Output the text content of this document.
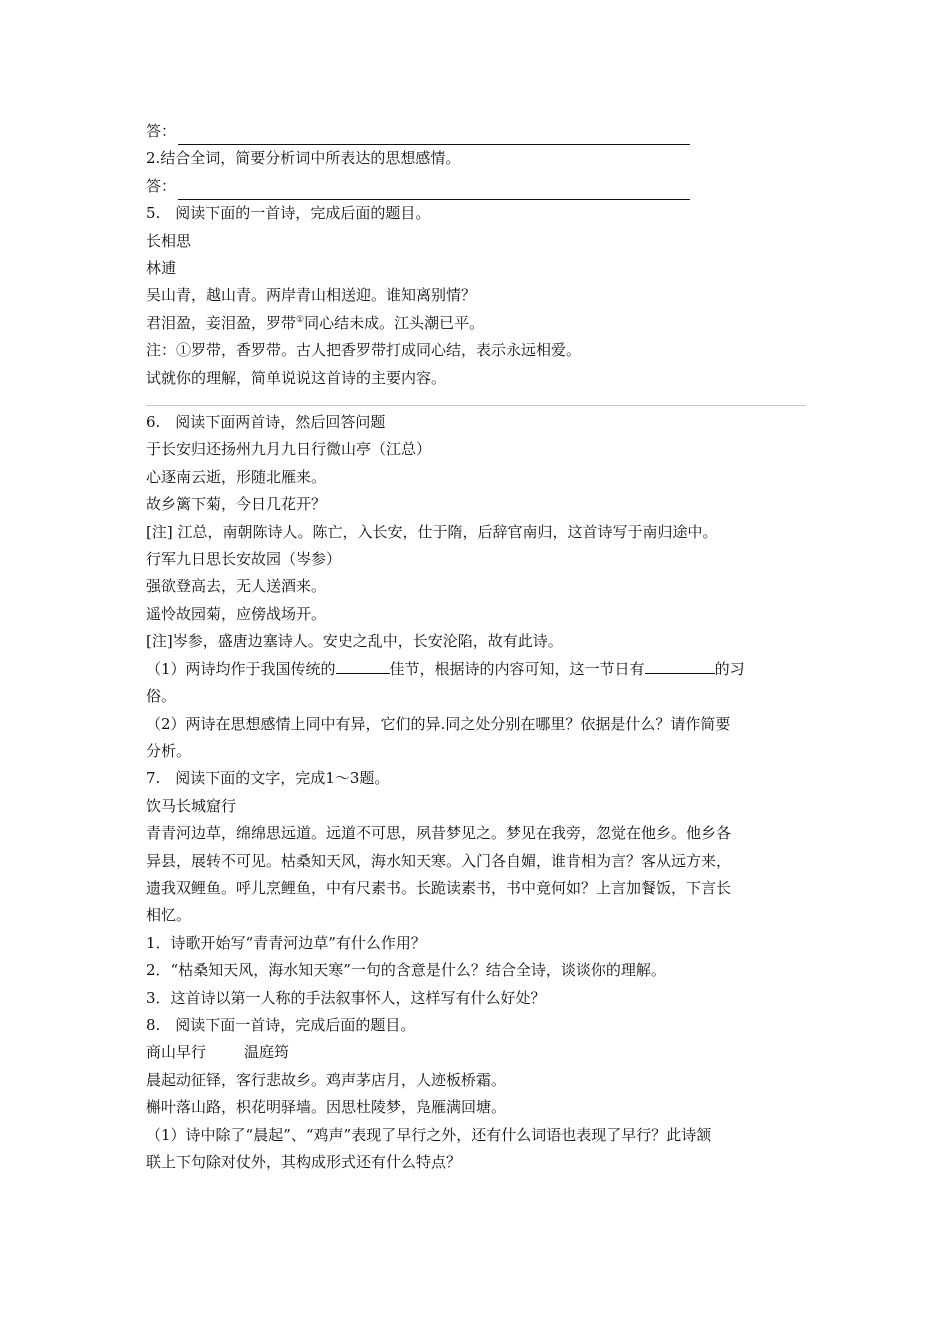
答：
2.结合全词，简要分析词中所表达的思想感情。
答：
5.　阅读下面的一首诗，完成后面的题目。
长相思
林逋
吴山青，越山青。两岸青山相送迎。谁知离别情？
君泪盈，妾泪盈，罗带①同心结未成。江头潮已平。
注：①罗带，香罗带。古人把香罗带打成同心结，表示永远相爱。
试就你的理解，简单说说这首诗的主要内容。
6.　阅读下面两首诗，然后回答问题
于长安归还扬州九月九日行微山亭（江总）
心逐南云逝，形随北雁来。
故乡篱下菊，今日几花开？
[注] 江总，南朝陈诗人。陈亡，入长安，仕于隋，后辞官南归，这首诗写于南归途中。
行军九日思长安故园（岑参）
强欲登高去，无人送酒来。
遥怜故园菊，应傍战场开。
[注]岑参，盛唐边塞诗人。安史之乱中，长安沦陷，故有此诗。
（1）两诗均作于我国传统的	佳节，根据诗的内容可知，这一节日有	的习
俗。
（2）两诗在思想感情上同中有异，它们的异.同之处分别在哪里？依据是什么？请作简要
分析。
7.　阅读下面的文字，完成1～3题。
饮马长城窟行
青青河边草，绵绵思远道。远道不可思，夙昔梦见之。梦见在我旁，忽觉在他乡。他乡各
异县，展转不可见。枯桑知天风，海水知天寒。入门各自媚，谁肯相为言？客从远方来，
遗我双鲤鱼。呼儿烹鲤鱼，中有尺素书。长跪读素书，书中竟何如？上言加餐饭，下言长
相忆。
1．诗歌开始写“青青河边草”有什么作用？
2．“枯桑知天风，海水知天寒”一句的含意是什么？结合全诗，谈谈你的理解。
3．这首诗以第一人称的手法叙事怀人，这样写有什么好处？
8.　阅读下面一首诗，完成后面的题目。
商山早行	温庭筠
晨起动征铎，客行悲故乡。鸡声茅店月，人迹板桥霜。
槲叶落山路，枳花明驿墙。因思杜陵梦，凫雁满回塘。
（1）诗中除了“晨起”、“鸡声”表现了早行之外，还有什么词语也表现了早行？此诗颔
联上下句除对仗外，其构成形式还有什么特点？
